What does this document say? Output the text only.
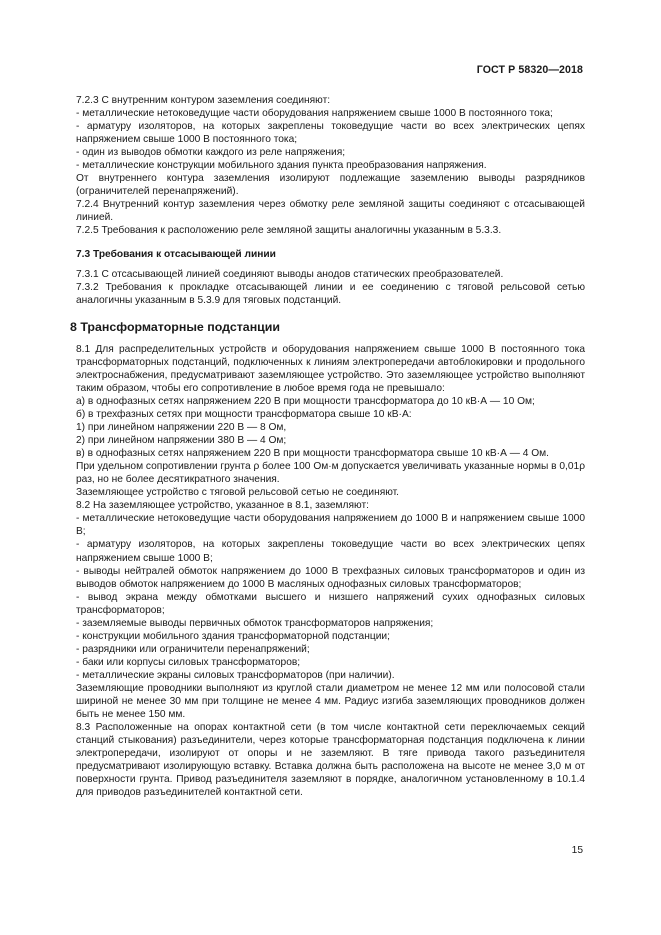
ГОСТ Р 58320—2018

7.2.3 С внутренним контуром заземления соединяют:

- металлические нетоковедущие части оборудования напряжением свыше 1000 В постоянного тока;

- арматуру изоляторов, на которых закреплены токоведущие части во всех электрических цепях напряжением свыше 1000 В постоянного тока;

- один из выводов обмотки каждого из реле напряжения;

- металлические конструкции мобильного здания пункта преобразования напряжения.

От внутреннего контура заземления изолируют подлежащие заземлению выводы разрядников (ограничителей перенапряжений).

7.2.4 Внутренний контур заземления через обмотку реле земляной защиты соединяют с отсасывающей линией.

7.2.5 Требования к расположению реле земляной защиты аналогичны указанным в 5.3.3.

7.3 Требования к отсасывающей линии

7.3.1 С отсасывающей линией соединяют выводы анодов статических преобразователей.

7.3.2 Требования к прокладке отсасывающей линии и ее соединению с тяговой рельсовой сетью аналогичны указанным в 5.3.9 для тяговых подстанций.

8 Трансформаторные подстанции

8.1 Для распределительных устройств и оборудования напряжением свыше 1000 В постоянного тока трансформаторных подстанций, подключенных к линиям электропередачи автоблокировки и продольного электроснабжения, предусматривают заземляющее устройство. Это заземляющее устройство выполняют таким образом, чтобы его сопротивление в любое время года не превышало:

а) в однофазных сетях напряжением 220 В при мощности трансформатора до 10 кВ·А — 10 Ом;

б) в трехфазных сетях при мощности трансформатора свыше 10 кВ·А:

1) при линейном напряжении 220 В — 8 Ом,

2) при линейном напряжении 380 В — 4 Ом;

в) в однофазных сетях напряжением 220 В при мощности трансформатора свыше 10 кВ·А — 4 Ом.

При удельном сопротивлении грунта ρ более 100 Ом·м допускается увеличивать указанные нормы в 0,01ρ раз, но не более десятикратного значения.

Заземляющее устройство с тяговой рельсовой сетью не соединяют.

8.2 На заземляющее устройство, указанное в 8.1, заземляют:

- металлические нетоковедущие части оборудования напряжением до 1000 В и напряжением свыше 1000 В;

- арматуру изоляторов, на которых закреплены токоведущие части во всех электрических цепях напряжением свыше 1000 В;

- выводы нейтралей обмоток напряжением до 1000 В трехфазных силовых трансформаторов и один из выводов обмоток напряжением до 1000 В масляных однофазных силовых трансформаторов;

- вывод экрана между обмотками высшего и низшего напряжений сухих однофазных силовых трансформаторов;

- заземляемые выводы первичных обмоток трансформаторов напряжения;

- конструкции мобильного здания трансформаторной подстанции;

- разрядники или ограничители перенапряжений;

- баки или корпусы силовых трансформаторов;

- металлические экраны силовых трансформаторов (при наличии).

Заземляющие проводники выполняют из круглой стали диаметром не менее 12 мм или полосовой стали шириной не менее 30 мм при толщине не менее 4 мм. Радиус изгиба заземляющих проводников должен быть не менее 150 мм.

8.3 Расположенные на опорах контактной сети (в том числе контактной сети переключаемых секций станций стыкования) разъединители, через которые трансформаторная подстанция подключена к линии электропередачи, изолируют от опоры и не заземляют. В тяге привода такого разъединителя предусматривают изолирующую вставку. Вставка должна быть расположена на высоте не менее 3,0 м от поверхности грунта. Привод разъединителя заземляют в порядке, аналогичном установленному в 10.1.4 для приводов разъединителей контактной сети.

15
